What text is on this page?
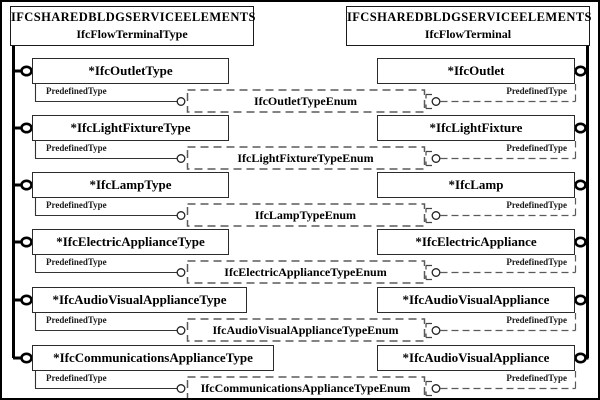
IFCSHAREDBLDGSERVICEELEMENTS
IfcFlowTerminalType
IFCSHAREDBLDGSERVICEELEMENTS
IfcFlowTerminal
*IfcOutletType
PredefinedType
IfcOutletTypeEnum
PredefinedType
*IfcOutlet
*IfcLightFixtureType
PredefinedType
IfcLightFixtureTypeEnum
PredefinedType
*IfcLightFixture
*IfcLampType
PredefinedType
IfcLampTypeEnum
PredefinedType
*IfcLamp
*IfcElectricApplianceType
PredefinedType
IfcElectricApplianceTypeEnum
PredefinedType
*IfcElectricAppliance
*IfcAudioVisualApplianceType
PredefinedType
IfcAudioVisualApplianceTypeEnum
PredefinedType
*IfcAudioVisualAppliance
*IfcCommunicationsApplianceType
PredefinedType
IfcCommunicationsApplianceTypeEnum
PredefinedType
*IfcAudioVisualAppliance
